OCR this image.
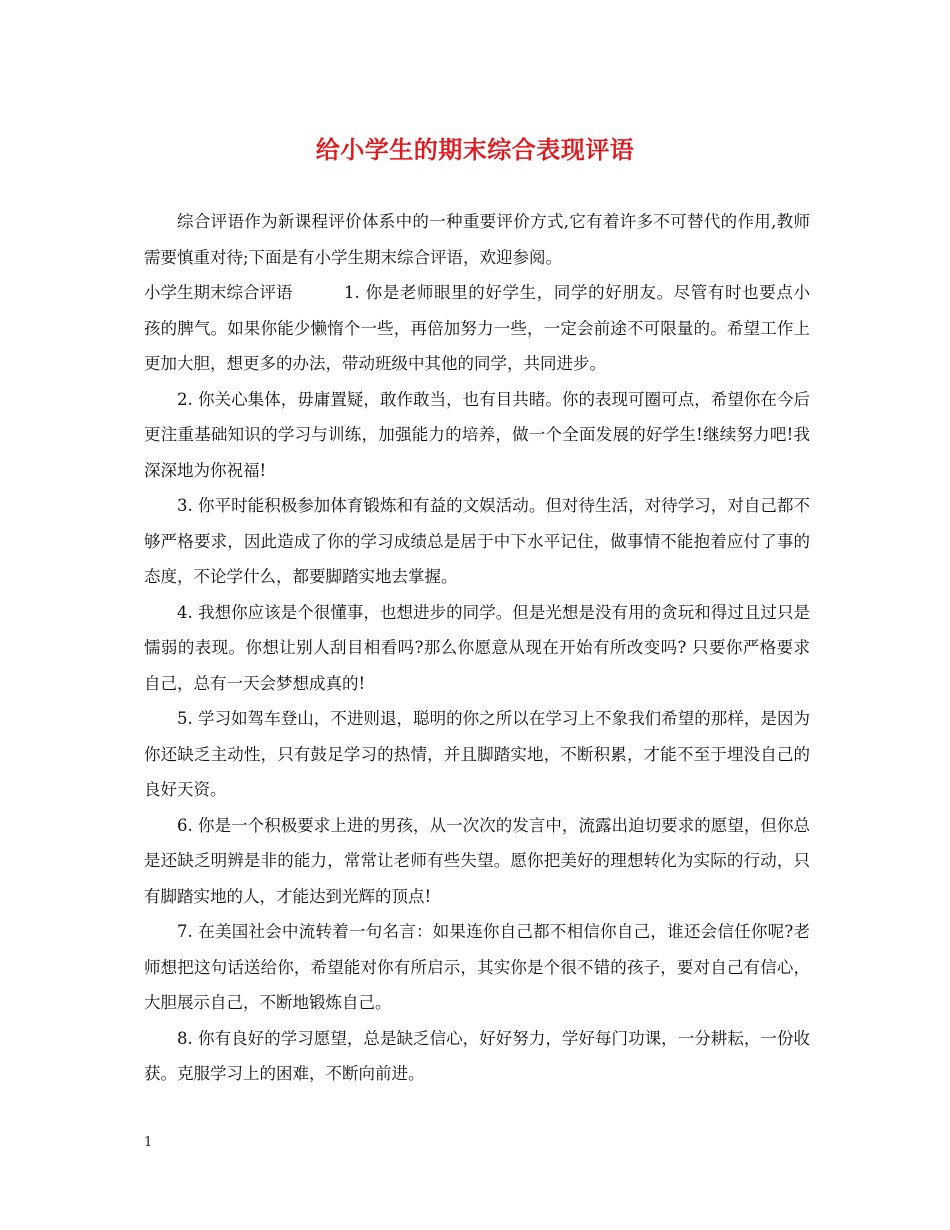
给小学生的期末综合表现评语

综合评语作为新课程评价体系中的一种重要评价方式,它有着许多不可替代的作用,教师需要慎重对待;下面是有小学生期末综合评语，欢迎参阅。

小学生期末综合评语	1. 你是老师眼里的好学生，同学的好朋友。尽管有时也要点小孩的脾气。如果你能少懒惰个一些，再倍加努力一些，一定会前途不可限量的。希望工作上更加大胆，想更多的办法，带动班级中其他的同学，共同进步。

2. 你关心集体，毋庸置疑，敢作敢当，也有目共睹。你的表现可圈可点，希望你在今后更注重基础知识的学习与训练，加强能力的培养，做一个全面发展的好学生!继续努力吧!我深深地为你祝福!

3. 你平时能积极参加体育锻炼和有益的文娱活动。但对待生活，对待学习，对自己都不够严格要求，因此造成了你的学习成绩总是居于中下水平记住，做事情不能抱着应付了事的态度，不论学什么，都要脚踏实地去掌握。

4. 我想你应该是个很懂事，也想进步的同学。但是光想是没有用的贪玩和得过且过只是懦弱的表现。你想让别人刮目相看吗?那么你愿意从现在开始有所改变吗? 只要你严格要求自己，总有一天会梦想成真的!

5. 学习如驾车登山，不进则退，聪明的你之所以在学习上不象我们希望的那样，是因为你还缺乏主动性，只有鼓足学习的热情，并且脚踏实地，不断积累，才能不至于埋没自己的良好天资。

6. 你是一个积极要求上进的男孩，从一次次的发言中，流露出迫切要求的愿望，但你总是还缺乏明辨是非的能力，常常让老师有些失望。愿你把美好的理想转化为实际的行动，只有脚踏实地的人，才能达到光辉的顶点!

7. 在美国社会中流转着一句名言：如果连你自己都不相信你自己，谁还会信任你呢?老师想把这句话送给你，希望能对你有所启示，其实你是个很不错的孩子，要对自己有信心，大胆展示自己，不断地锻炼自己。

8. 你有良好的学习愿望，总是缺乏信心，好好努力，学好每门功课，一分耕耘，一份收获。克服学习上的困难，不断向前进。

1
